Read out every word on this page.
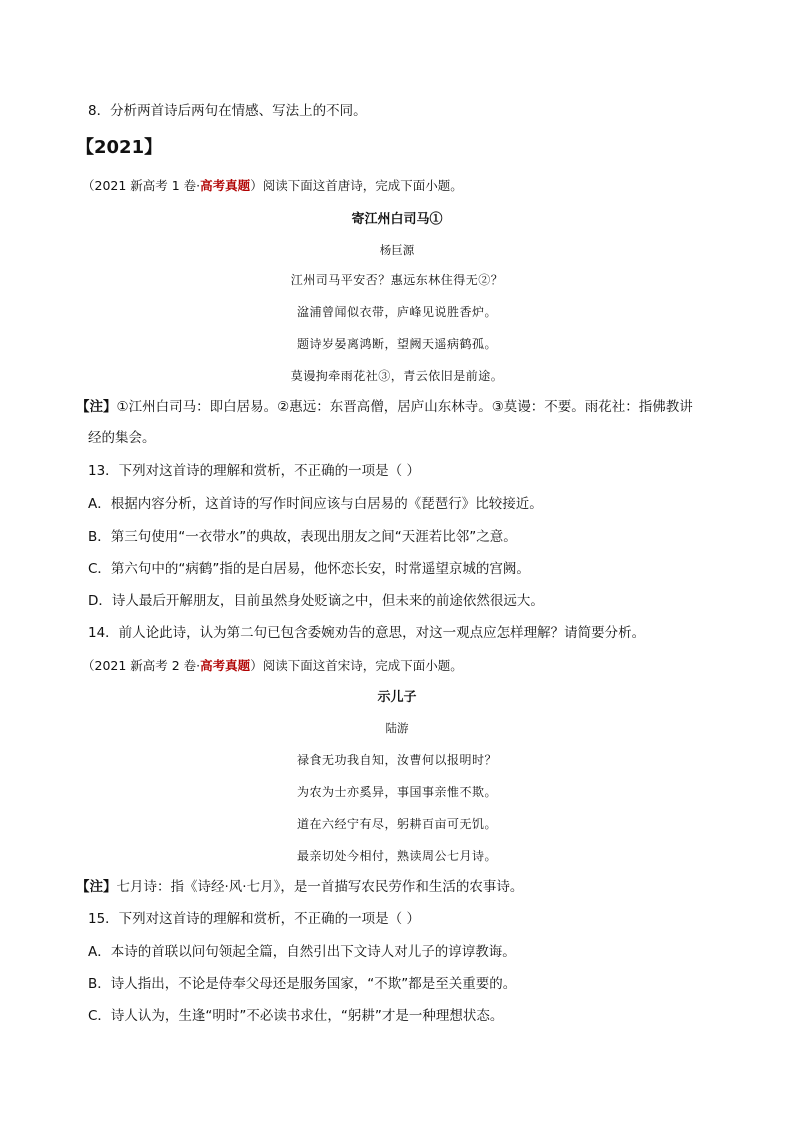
8．分析两首诗后两句在情感、写法上的不同。
【2021】
（2021 新高考 1 卷·高考真题）阅读下面这首唐诗，完成下面小题。
寄江州白司马①
杨巨源
江州司马平安否？惠远东林住得无②？
湓浦曾闻似衣带，庐峰见说胜香炉。
题诗岁晏离鸿断，望阙天遥病鹤孤。
莫谩拘牵雨花社③，青云依旧是前途。
【注】①江州白司马：即白居易。②惠远：东晋高僧，居庐山东林寺。③莫谩：不要。雨花社：指佛教讲
经的集会。
13．下列对这首诗的理解和赏析，不正确的一项是（ ）
A．根据内容分析，这首诗的写作时间应该与白居易的《琵琶行》比较接近。
B．第三句使用“一衣带水”的典故，表现出朋友之间“天涯若比邻”之意。
C．第六句中的“病鹤”指的是白居易，他怀恋长安，时常遥望京城的宫阙。
D．诗人最后开解朋友，目前虽然身处贬谪之中，但未来的前途依然很远大。
14．前人论此诗，认为第二句已包含委婉劝告的意思，对这一观点应怎样理解？请简要分析。
（2021 新高考 2 卷·高考真题）阅读下面这首宋诗，完成下面小题。
示儿子
陆游
禄食无功我自知，汝曹何以报明时？
为农为士亦奚异，事国事亲惟不欺。
道在六经宁有尽，躬耕百亩可无饥。
最亲切处今相付，熟读周公七月诗。
【注】七月诗：指《诗经·风·七月》，是一首描写农民劳作和生活的农事诗。
15．下列对这首诗的理解和赏析，不正确的一项是（ ）
A．本诗的首联以问句领起全篇，自然引出下文诗人对儿子的谆谆教诲。
B．诗人指出，不论是侍奉父母还是服务国家，“不欺”都是至关重要的。
C．诗人认为，生逢“明时”不必读书求仕，“躬耕”才是一种理想状态。
